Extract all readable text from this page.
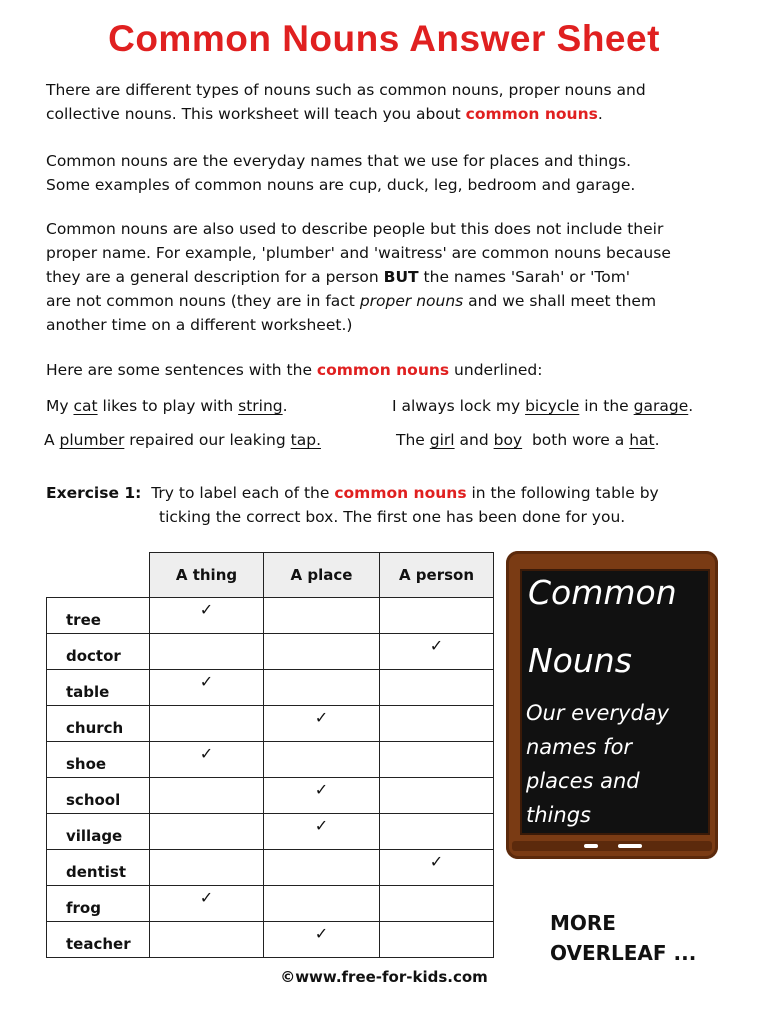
Common Nouns Answer Sheet

There are different types of nouns such as common nouns, proper nouns and
collective nouns. This worksheet will teach you about common nouns.

Common nouns are the everyday names that we use for places and things.
Some examples of common nouns are cup, duck, leg, bedroom and garage.

Common nouns are also used to describe people but this does not include their
proper name. For example, 'plumber' and 'waitress' are common nouns because
they are a general description for a person BUT the names 'Sarah' or 'Tom'
are not common nouns (they are in fact proper nouns and we shall meet them
another time on a different worksheet.)

Here are some sentences with the common nouns underlined:

My cat likes to play with string.	I always lock my bicycle in the garage.

A plumber repaired our leaking tap.	The girl and boy  both wore a hat.

Exercise 1: Try to label each of the common nouns in the following table by

ticking the correct box. The first one has been done for you.

	A thing	A place	A person
tree	✓		
doctor			✓
table	✓		
church		✓	
shoe	✓		
school		✓	
village		✓	
dentist			✓
frog	✓		
teacher		✓	
Common
Nouns
Our everyday
names for
places and
things

MORE
OVERLEAF ...

©www.free-for-kids.com
